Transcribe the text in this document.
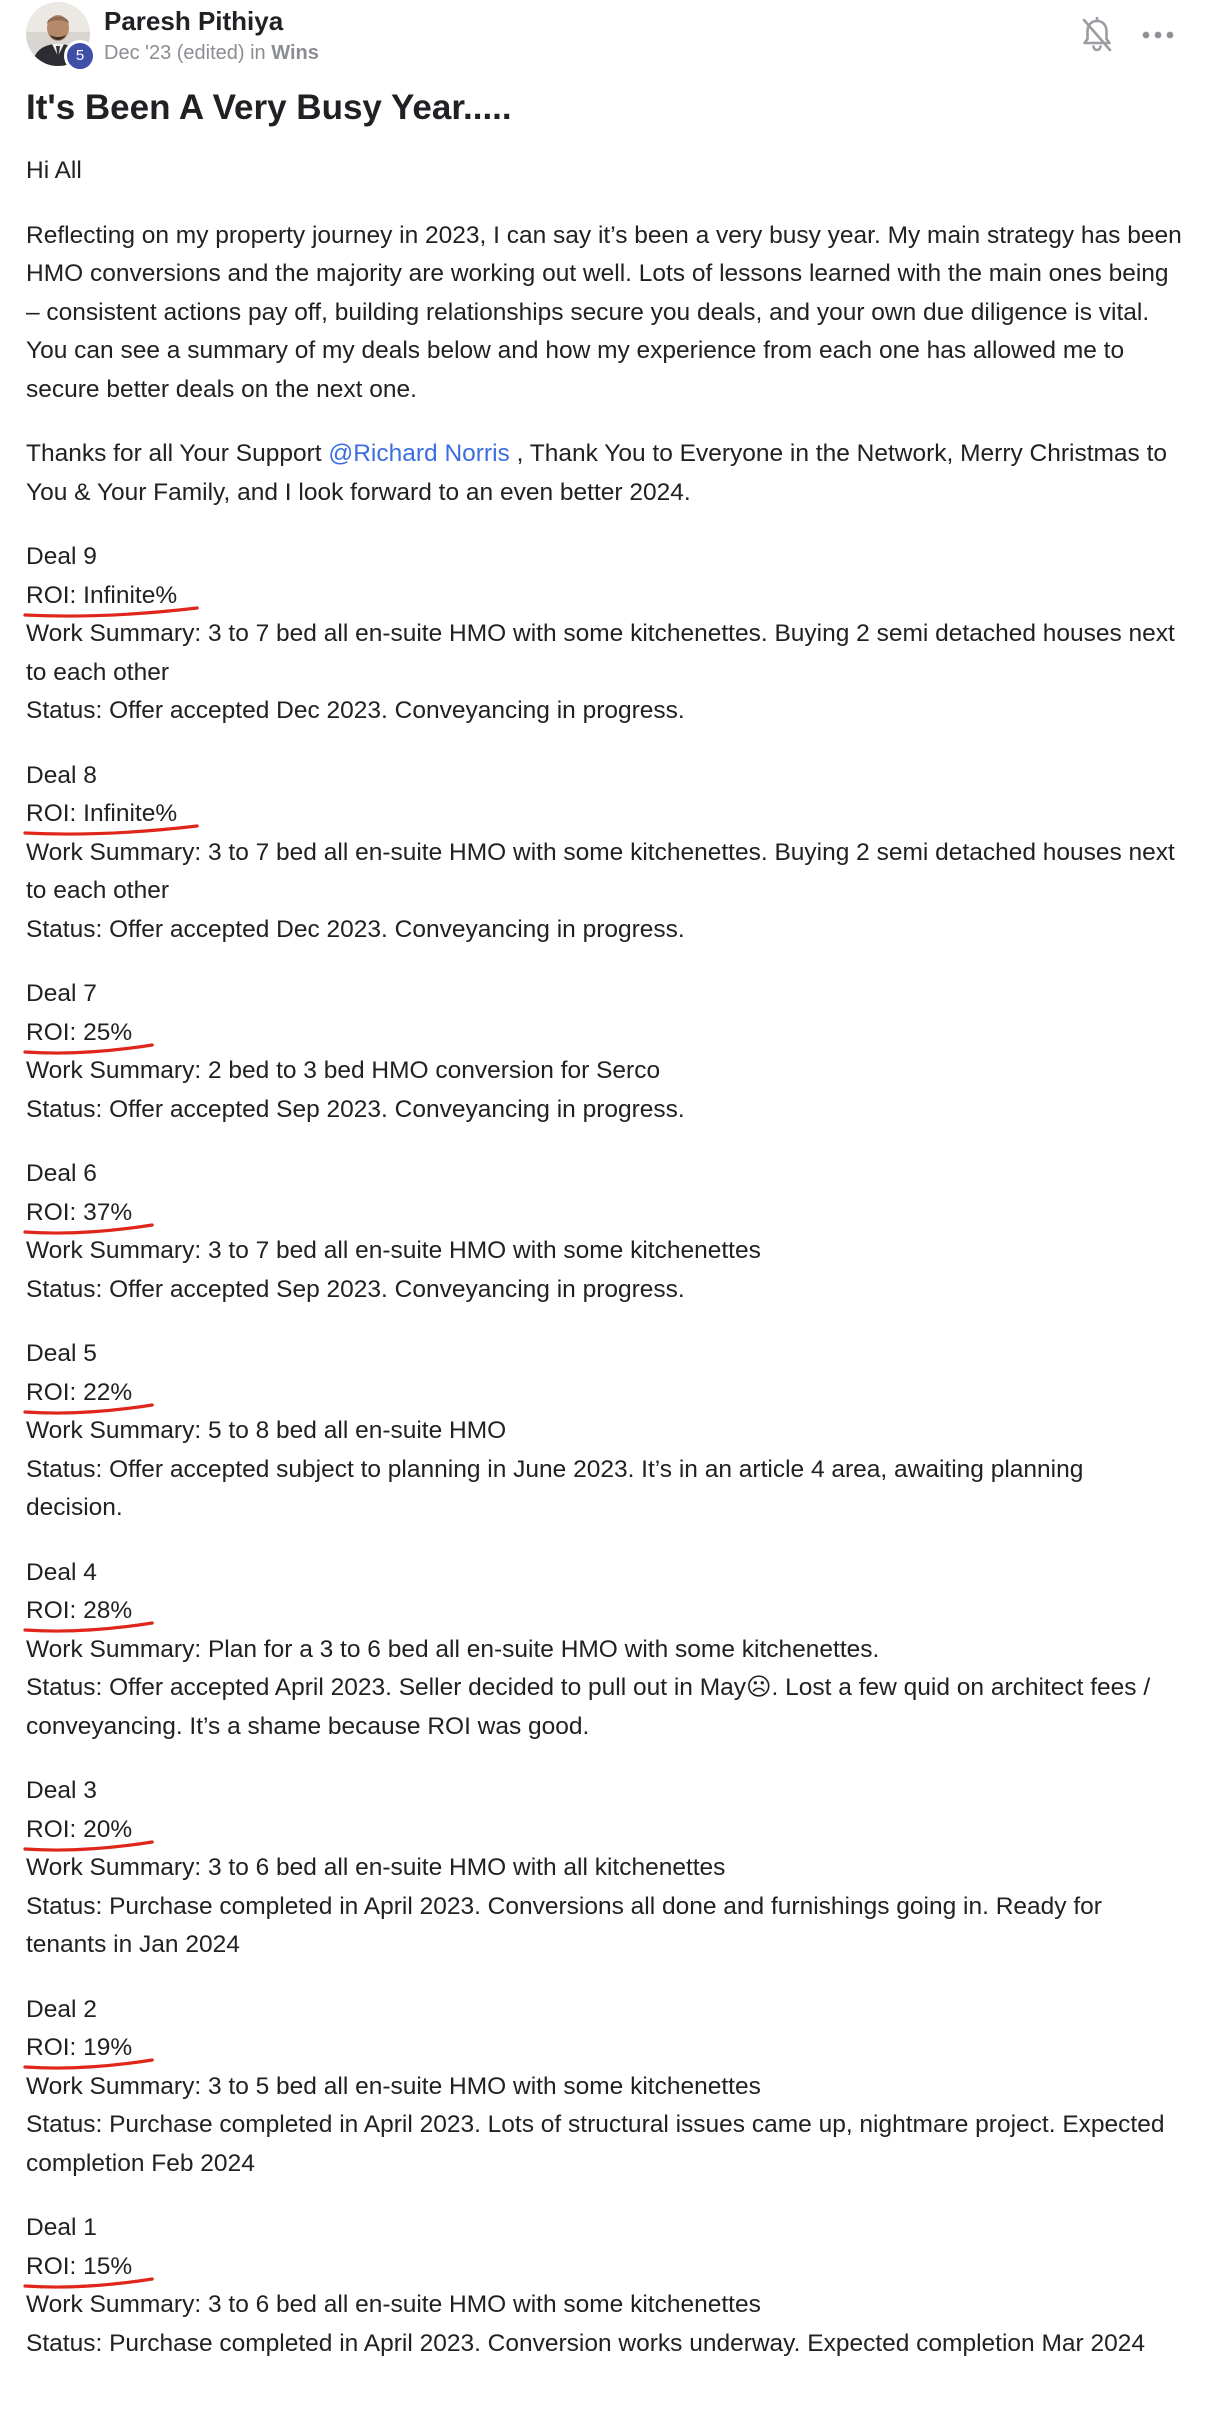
5
Paresh Pithiya
Dec '23 (edited) in Wins
It's Been A Very Busy Year.....

Hi All

Reflecting on my property journey in 2023, I can say it’s been a very busy year. My main strategy has been HMO conversions and the majority are working out well. Lots of lessons learned with the main ones being – consistent actions pay off, building relationships secure you deals, and your own due diligence is vital. You can see a summary of my deals below and how my experience from each one has allowed me to secure better deals on the next one.

Thanks for all Your Support @Richard Norris , Thank You to Everyone in the Network, Merry Christmas to You & Your Family, and I look forward to an even better 2024.

Deal 9
ROI: Infinite%
Work Summary: 3 to 7 bed all en-suite HMO with some kitchenettes. Buying 2 semi detached houses next to each other
Status: Offer accepted Dec 2023. Conveyancing in progress.
Deal 8
ROI: Infinite%
Work Summary: 3 to 7 bed all en-suite HMO with some kitchenettes. Buying 2 semi detached houses next to each other
Status: Offer accepted Dec 2023. Conveyancing in progress.
Deal 7
ROI: 25%
Work Summary: 2 bed to 3 bed HMO conversion for Serco
Status: Offer accepted Sep 2023. Conveyancing in progress.
Deal 6
ROI: 37%
Work Summary: 3 to 7 bed all en-suite HMO with some kitchenettes
Status: Offer accepted Sep 2023. Conveyancing in progress.
Deal 5
ROI: 22%
Work Summary: 5 to 8 bed all en-suite HMO
Status: Offer accepted subject to planning in June 2023. It’s in an article 4 area, awaiting planning decision.
Deal 4
ROI: 28%
Work Summary: Plan for a 3 to 6 bed all en-suite HMO with some kitchenettes.
Status: Offer accepted April 2023. Seller decided to pull out in May☹. Lost a few quid on architect fees / conveyancing. It’s a shame because ROI was good.
Deal 3
ROI: 20%
Work Summary: 3 to 6 bed all en-suite HMO with all kitchenettes
Status: Purchase completed in April 2023. Conversions all done and furnishings going in. Ready for tenants in Jan 2024
Deal 2
ROI: 19%
Work Summary: 3 to 5 bed all en-suite HMO with some kitchenettes
Status: Purchase completed in April 2023. Lots of structural issues came up, nightmare project. Expected completion Feb 2024
Deal 1
ROI: 15%
Work Summary: 3 to 6 bed all en-suite HMO with some kitchenettes
Status: Purchase completed in April 2023. Conversion works underway. Expected completion Mar 2024
